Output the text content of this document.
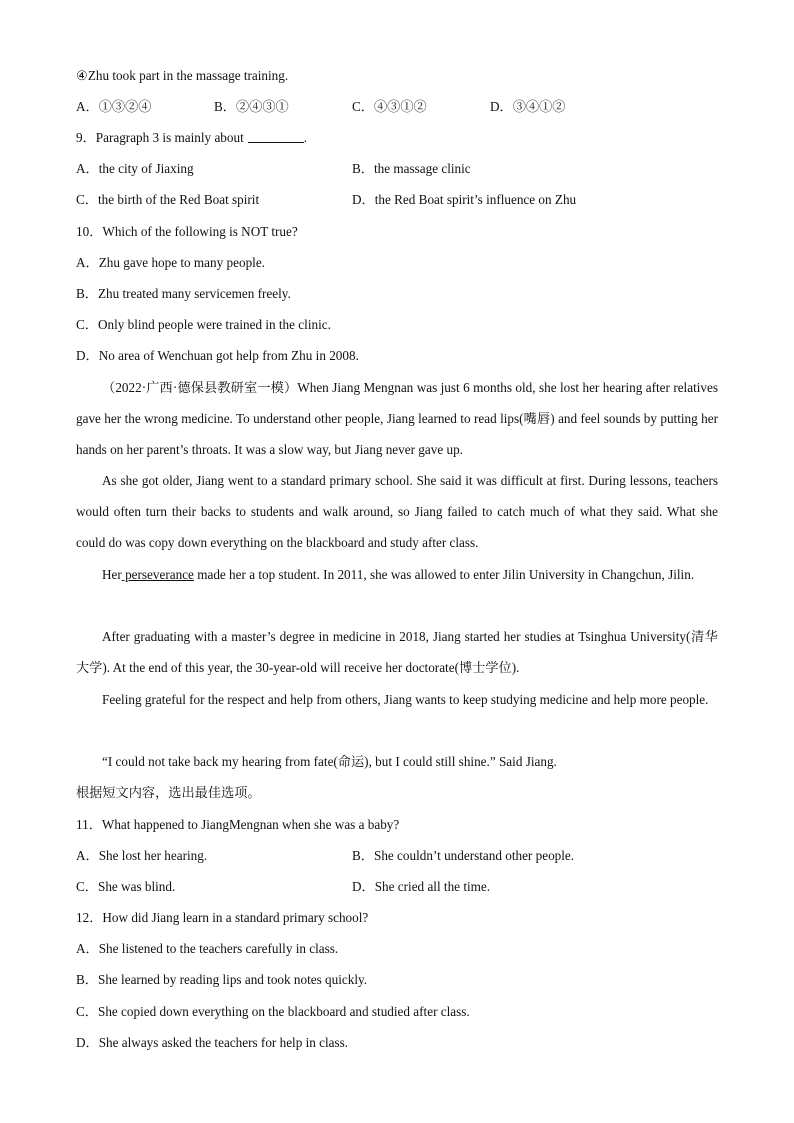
④Zhu took part in the massage training.
A．①③②④	B．②④③①	C．④③①②	D．③④①②
9．Paragraph 3 is mainly about	.
A．the city of Jiaxing	B．the massage clinic
C．the birth of the Red Boat spirit	D．the Red Boat spirit’s influence on Zhu
10．Which of the following is NOT true?
A．Zhu gave hope to many people.
B．Zhu treated many servicemen freely.
C．Only blind people were trained in the clinic.
D．No area of Wenchuan got help from Zhu in 2008.
（2022·广西·德保县教研室一模）When Jiang Mengnan was just 6 months old, she lost her hearing after relatives gave her the wrong medicine. To understand other people, Jiang learned to read lips(嘴唇) and feel sounds by putting her hands on her parent’s throats. It was a slow way, but Jiang never gave up.
As she got older, Jiang went to a standard primary school. She said it was difficult at first. During lessons, teachers would often turn their backs to students and walk around, so Jiang failed to catch much of what they said. What she could do was copy down everything on the blackboard and study after class.
Her perseverance made her a top student. In 2011, she was allowed to enter Jilin University in Changchun, Jilin.
After graduating with a master’s degree in medicine in 2018, Jiang started her studies at Tsinghua University(清华大学). At the end of this year, the 30-year-old will receive her doctorate(博士学位).
Feeling grateful for the respect and help from others, Jiang wants to keep studying medicine and help more people.
“I could not take back my hearing from fate(命运), but I could still shine.” Said Jiang.
根据短文内容，选出最佳选项。
11．What happened to JiangMengnan when she was a baby?
A．She lost her hearing.	B．She couldn’t understand other people.
C．She was blind.	D．She cried all the time.
12．How did Jiang learn in a standard primary school?
A．She listened to the teachers carefully in class.
B．She learned by reading lips and took notes quickly.
C．She copied down everything on the blackboard and studied after class.
D．She always asked the teachers for help in class.
